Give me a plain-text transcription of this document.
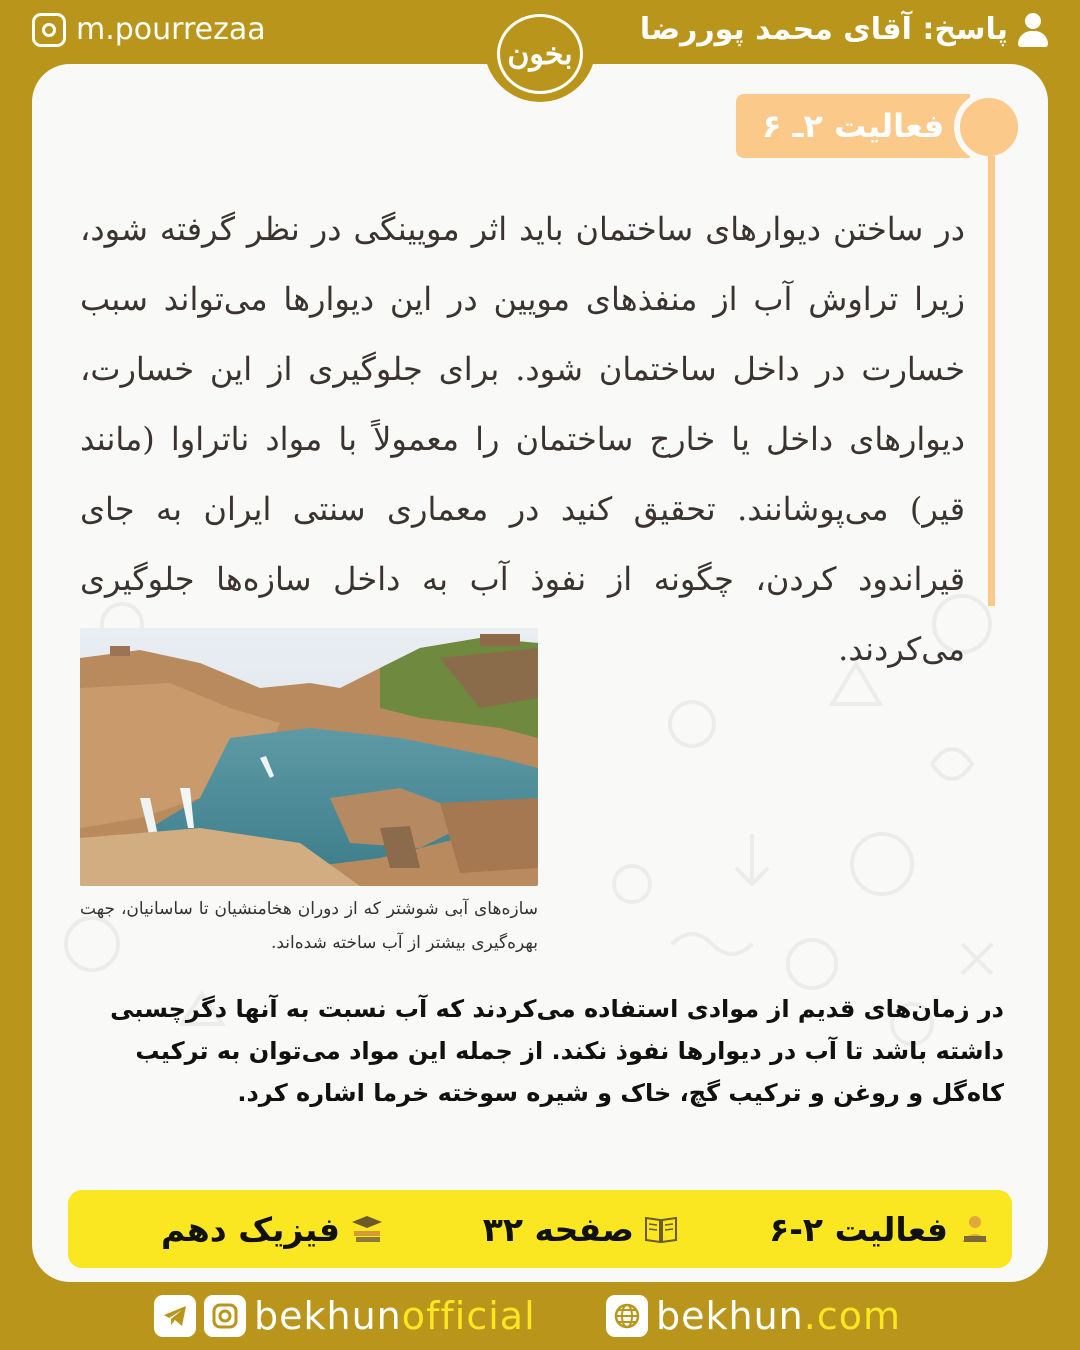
m.pourrezaa	پاسخ: آقای محمد پوررضا
بخون
فعالیت ۲ـ ۶
در ساختن دیوارهای ساختمان باید اثر مویینگی در نظر گرفته شود، زیرا تراوش آب از منفذهای مویین در این دیوارها می‌تواند سبب خسارت در داخل ساختمان شود. برای جلوگیری از این خسارت، دیوارهای داخل یا خارج ساختمان را معمولاً با مواد ناتراوا (مانند قیر) می‌پوشانند. تحقیق کنید در معماری سنتی ایران به جای قیراندود کردن، چگونه از نفوذ آب به داخل سازه‌ها جلوگیری می‌کردند.
سازه‌های آبی شوشتر که از دوران هخامنشیان تا ساسانیان، جهت بهره‌گیری بیشتر از آب ساخته شده‌اند.
در زمان‌های قدیم از موادی استفاده می‌کردند که آب نسبت به آنها دگرچسبی داشته باشد تا آب در دیوارها نفوذ نکند. از جمله این مواد می‌توان به ترکیب کاه‌گل و روغن و ترکیب گچ، خاک و شیره سوخته خرما اشاره کرد.
فعالیت ۲-۶
صفحه ۳۲
فیزیک دهم
bekhunofficial	bekhun.com
